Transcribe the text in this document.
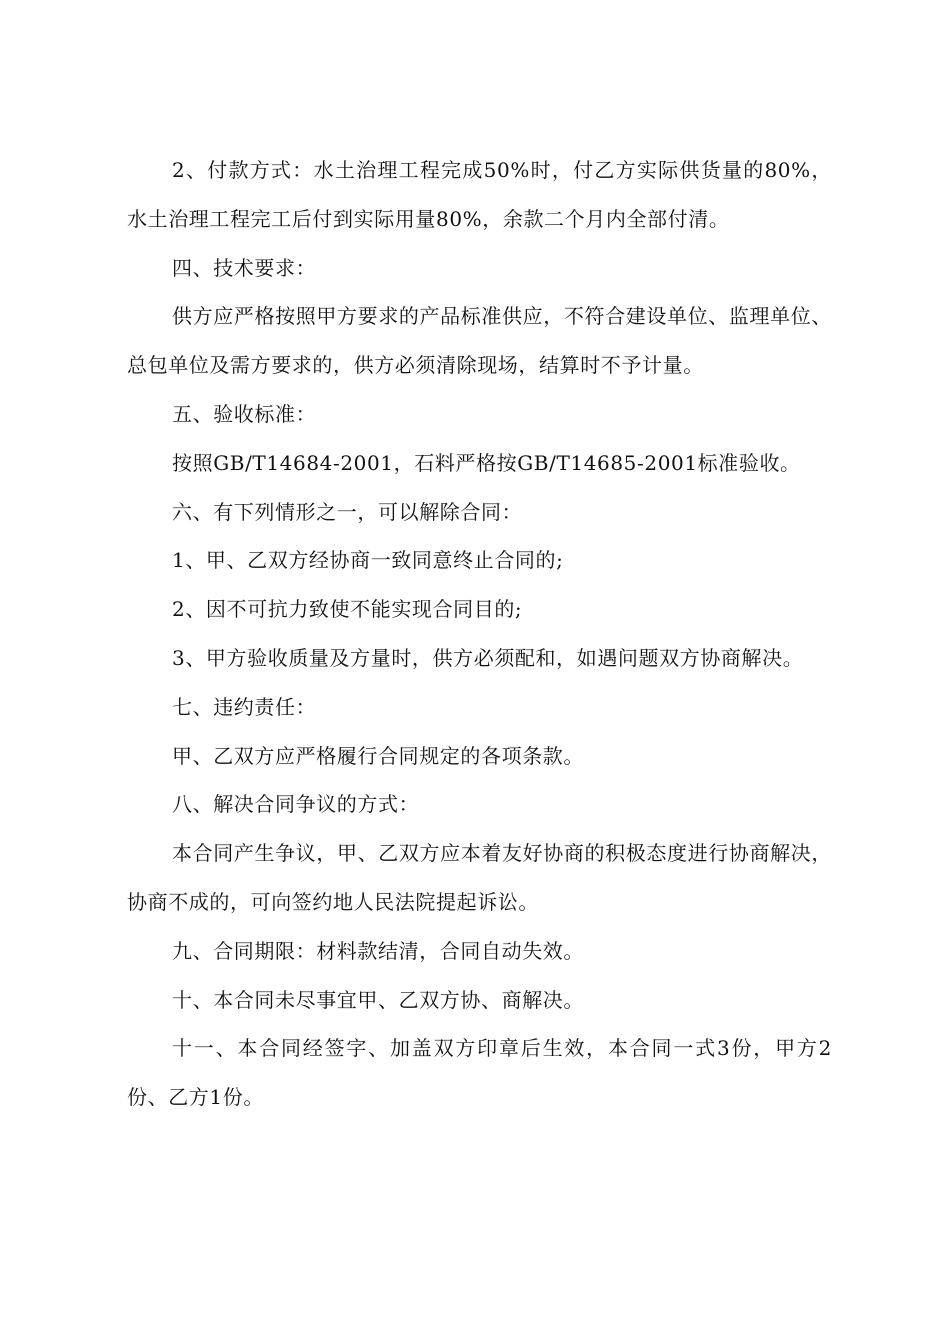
2、付款方式：水土治理工程完成50%时，付乙方实际供货量的80%，水土治理工程完工后付到实际用量80%，余款二个月内全部付清。

四、技术要求：

供方应严格按照甲方要求的产品标准供应，不符合建设单位、监理单位、总包单位及需方要求的，供方必须清除现场，结算时不予计量。

五、验收标准：

按照GB/T14684-2001，石料严格按GB/T14685-2001标准验收。

六、有下列情形之一，可以解除合同：

1、甲、乙双方经协商一致同意终止合同的;

2、因不可抗力致使不能实现合同目的;

3、甲方验收质量及方量时，供方必须配和，如遇问题双方协商解决。

七、违约责任：

甲、乙双方应严格履行合同规定的各项条款。

八、解决合同争议的方式：

本合同产生争议，甲、乙双方应本着友好协商的积极态度进行协商解决，协商不成的，可向签约地人民法院提起诉讼。

九、合同期限：材料款结清，合同自动失效。

十、本合同未尽事宜甲、乙双方协、商解决。

十一、本合同经签字、加盖双方印章后生效，本合同一式3份，甲方2份、乙方1份。
